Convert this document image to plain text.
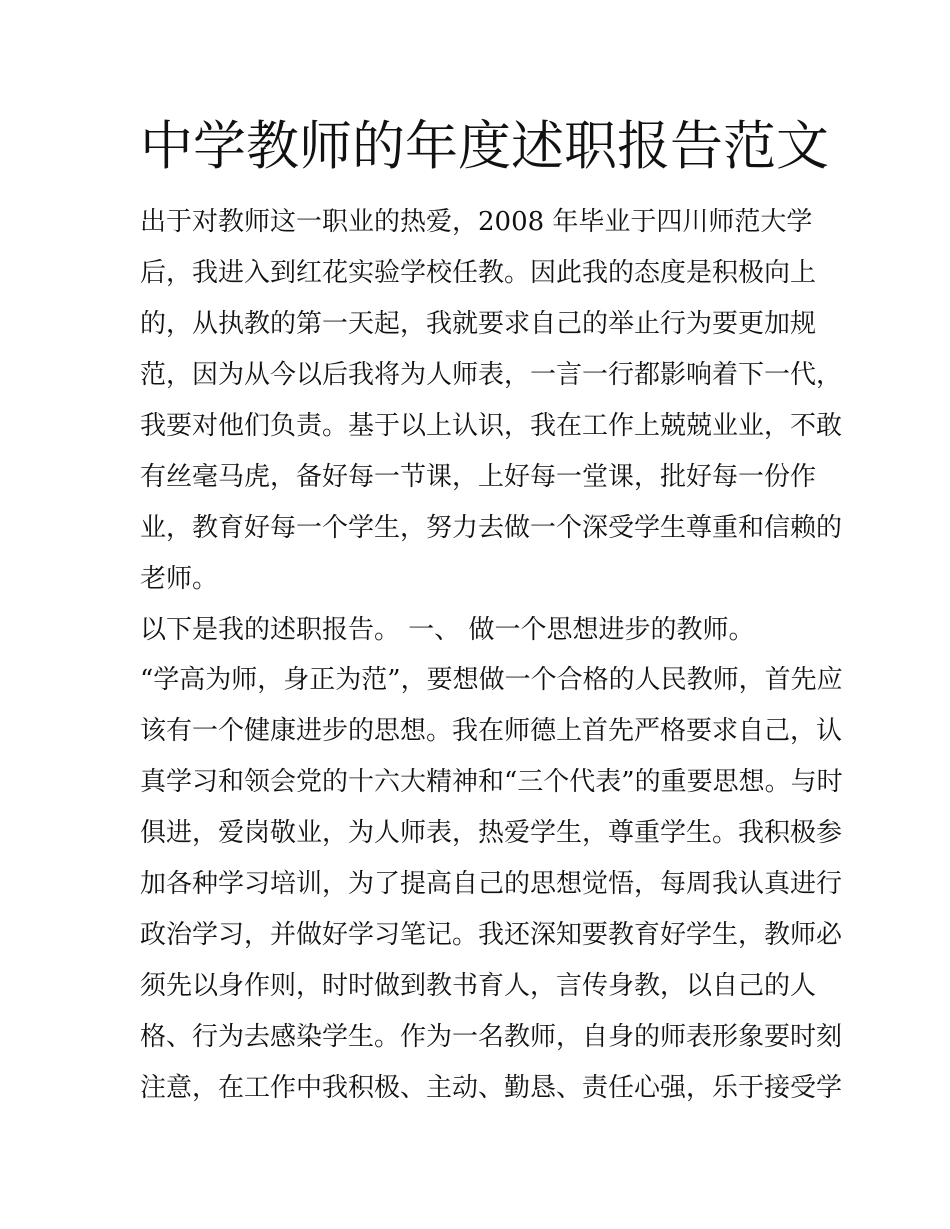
中学教师的年度述职报告范文
出于对教师这一职业的热爱，2008 年毕业于四川师范大学
后，我进入到红花实验学校任教。因此我的态度是积极向上
的，从执教的第一天起，我就要求自己的举止行为要更加规
范，因为从今以后我将为人师表，一言一行都影响着下一代，
我要对他们负责。基于以上认识，我在工作上兢兢业业，不敢
有丝毫马虎，备好每一节课，上好每一堂课，批好每一份作
业，教育好每一个学生，努力去做一个深受学生尊重和信赖的
老师。
以下是我的述职报告。 一、 做一个思想进步的教师。
“学高为师，身正为范”，要想做一个合格的人民教师，首先应
该有一个健康进步的思想。我在师德上首先严格要求自己，认
真学习和领会党的十六大精神和“三个代表”的重要思想。与时
俱进，爱岗敬业，为人师表，热爱学生，尊重学生。我积极参
加各种学习培训，为了提高自己的思想觉悟，每周我认真进行
政治学习，并做好学习笔记。我还深知要教育好学生，教师必
须先以身作则，时时做到教书育人，言传身教，以自己的人
格、行为去感染学生。作为一名教师，自身的师表形象要时刻
注意，在工作中我积极、主动、勤恳、责任心强，乐于接受学
